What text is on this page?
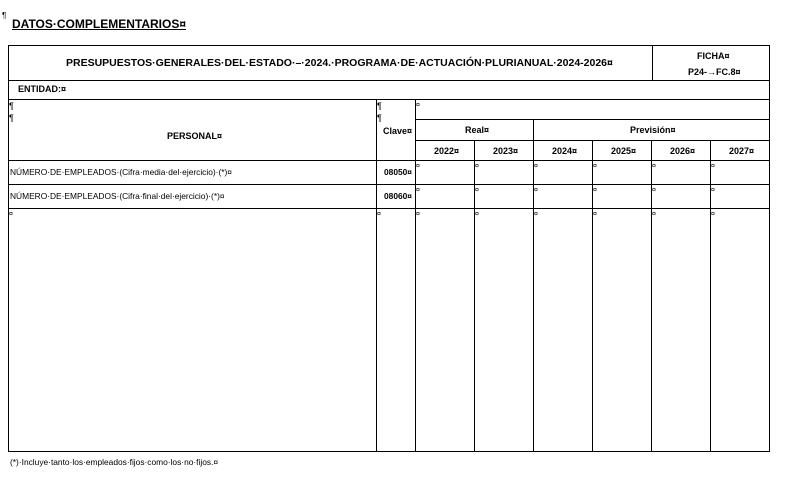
¶
DATOS·COMPLEMENTARIOS¤
PRESUPUESTOS·GENERALES·DEL·ESTADO·–·2024.·PROGRAMA·DE·ACTUACIÓN·PLURIANUAL·2024-2026¤
FICHA¤
P24-→FC.8¤
ENTIDAD:¤
¶
¶
¶
¶
¤
PERSONAL¤	Clave¤	Real¤	Previsión¤
2022¤	2023¤	2024¤	2025¤	2026¤	2027¤
NÚMERO·DE·EMPLEADOS·(Cifra·media·del·ejercicio)·(*)¤	08050¤
NÚMERO·DE·EMPLEADOS·(Cifra·final·del·ejercicio)·(*)¤	08060¤
¤	¤	¤	¤	¤	¤
¤	¤	¤	¤	¤	¤
¤	¤	¤	¤	¤	¤	¤	¤
(*)·Incluye·tanto·los·empleados·fijos·como·los·no·fijos.¤
